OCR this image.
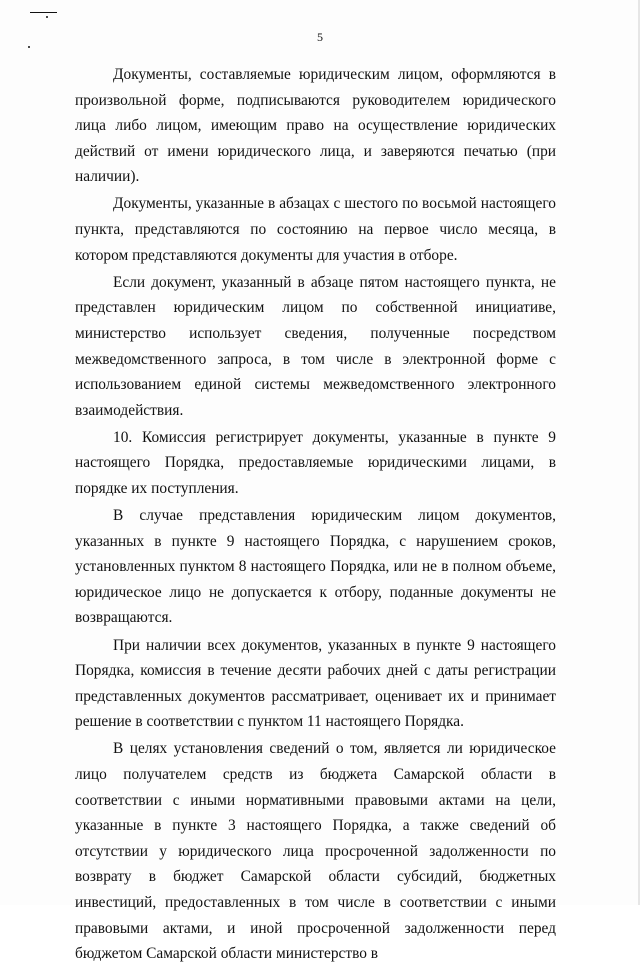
5

Документы, составляемые юридическим лицом, оформляются в произвольной форме, подписываются руководителем юридического лица либо лицом, имеющим право на осуществление юридических действий от имени юридического лица, и заверяются печатью (при наличии).

Документы, указанные в абзацах с шестого по восьмой настоящего пункта, представляются по состоянию на первое число месяца, в котором представляются документы для участия в отборе.

Если документ, указанный в абзаце пятом настоящего пункта, не представлен юридическим лицом по собственной инициативе, министерство использует сведения, полученные посредством межведомственного запроса, в том числе в электронной форме с использованием единой системы межведомственного электронного взаимодействия.

10. Комиссия регистрирует документы, указанные в пункте 9 настоящего Порядка, предоставляемые юридическими лицами, в порядке их поступления.

В случае представления юридическим лицом документов, указанных в пункте 9 настоящего Порядка, с нарушением сроков, установленных пунктом 8 настоящего Порядка, или не в полном объеме, юридическое лицо не допускается к отбору, поданные документы не возвращаются.

При наличии всех документов, указанных в пункте 9 настоящего Порядка, комиссия в течение десяти рабочих дней с даты регистрации представленных документов рассматривает, оценивает их и принимает решение в соответствии с пунктом 11 настоящего Порядка.

В целях установления сведений о том, является ли юридическое лицо получателем средств из бюджета Самарской области в соответствии с иными нормативными правовыми актами на цели, указанные в пункте 3 настоящего Порядка, а также сведений об отсутствии у юридического лица просроченной задолженности по возврату в бюджет Самарской области субсидий, бюджетных инвестиций, предоставленных в том числе в соответствии с иными правовыми актами, и иной просроченной задолженности перед бюджетом Самарской области министерство в
